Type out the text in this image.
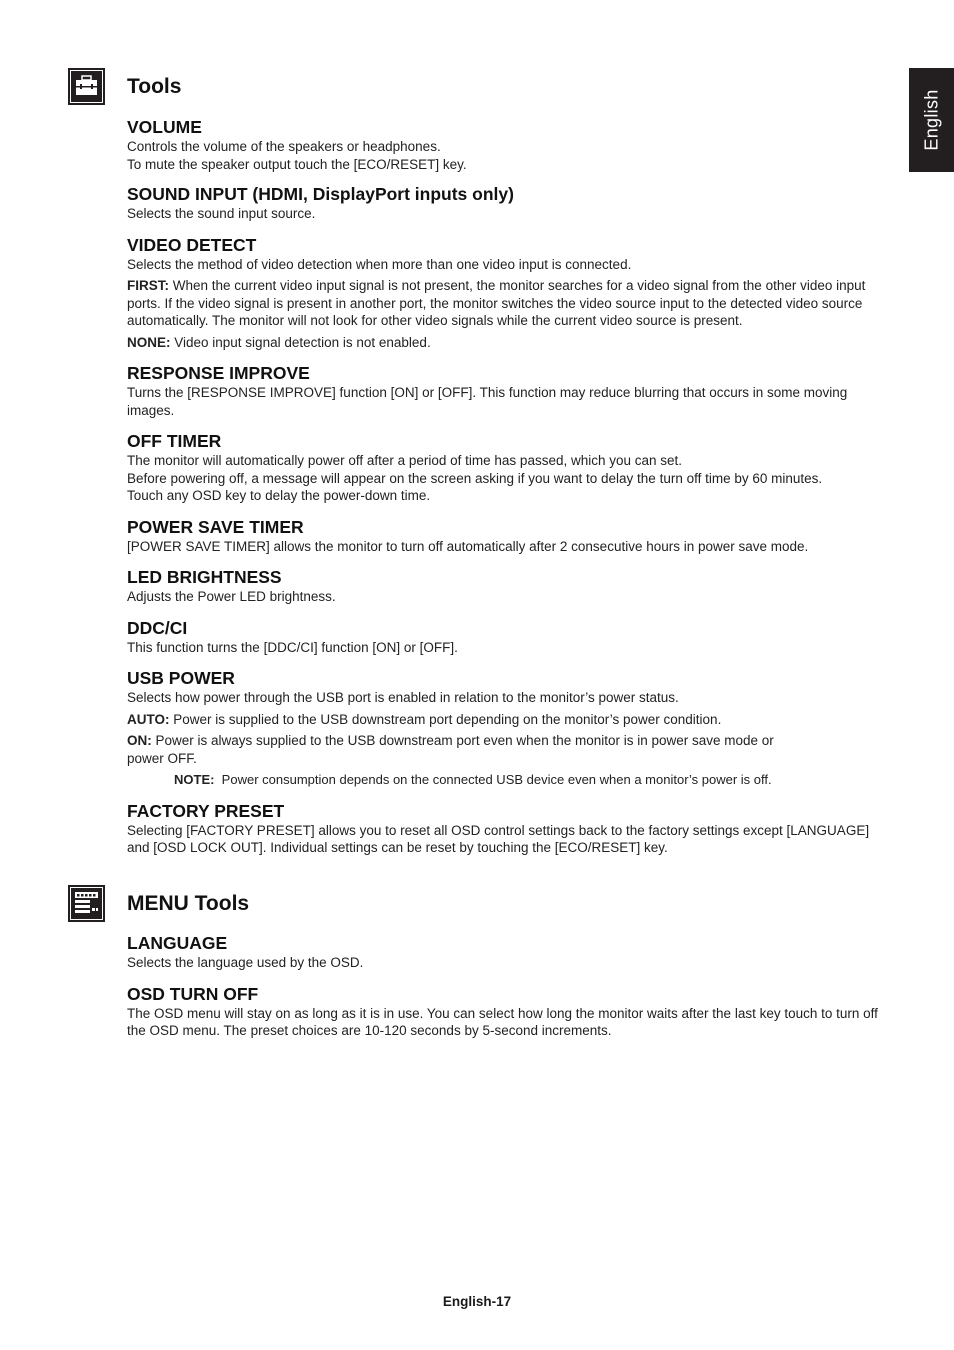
English
Tools
VOLUME

Controls the volume of the speakers or headphones.

To mute the speaker output touch the [ECO/RESET] key.

SOUND INPUT (HDMI, DisplayPort inputs only)

Selects the sound input source.

VIDEO DETECT

Selects the method of video detection when more than one video input is connected.

FIRST: When the current video input signal is not present, the monitor searches for a video signal from the other video input ports. If the video signal is present in another port, the monitor switches the video source input to the detected video source automatically. The monitor will not look for other video signals while the current video source is present.

NONE: Video input signal detection is not enabled.

RESPONSE IMPROVE

Turns the [RESPONSE IMPROVE] function [ON] or [OFF]. This function may reduce blurring that occurs in some moving images.

OFF TIMER

The monitor will automatically power off after a period of time has passed, which you can set.

Before powering off, a message will appear on the screen asking if you want to delay the turn off time by 60 minutes.

Touch any OSD key to delay the power-down time.

POWER SAVE TIMER

[POWER SAVE TIMER] allows the monitor to turn off automatically after 2 consecutive hours in power save mode.

LED BRIGHTNESS

Adjusts the Power LED brightness.

DDC/CI

This function turns the [DDC/CI] function [ON] or [OFF].

USB POWER

Selects how power through the USB port is enabled in relation to the monitor’s power status.

AUTO: Power is supplied to the USB downstream port depending on the monitor’s power condition.

ON: Power is always supplied to the USB downstream port even when the monitor is in power save mode or

power OFF.

NOTE:  Power consumption depends on the connected USB device even when a monitor’s power is off.

FACTORY PRESET

Selecting [FACTORY PRESET] allows you to reset all OSD control settings back to the factory settings except [LANGUAGE] and [OSD LOCK OUT]. Individual settings can be reset by touching the [ECO/RESET] key.

MENU Tools
LANGUAGE

Selects the language used by the OSD.

OSD TURN OFF

The OSD menu will stay on as long as it is in use. You can select how long the monitor waits after the last key touch to turn off the OSD menu. The preset choices are 10-120 seconds by 5-second increments.

English-17
